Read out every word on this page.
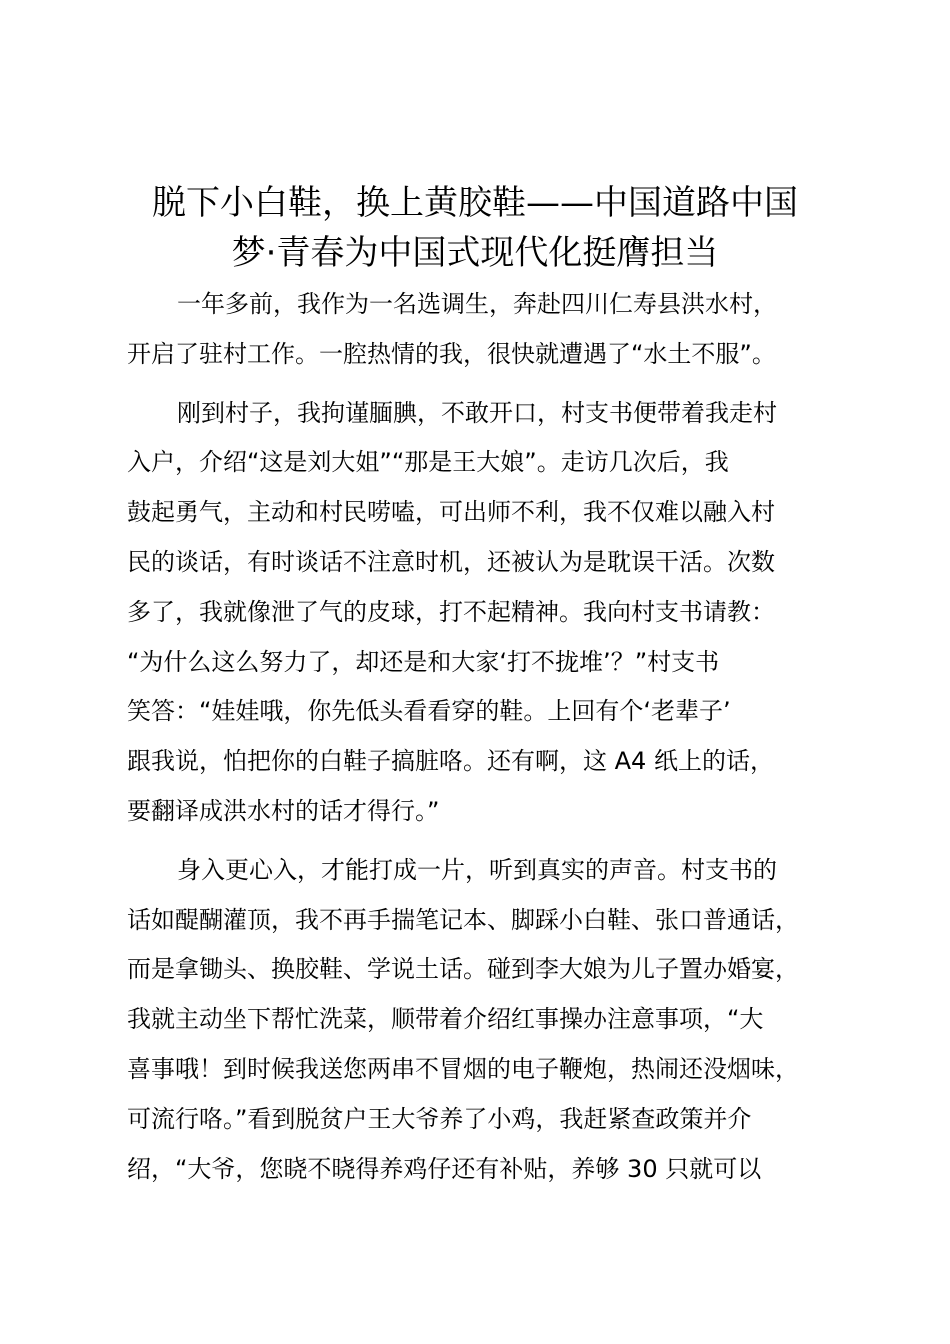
脱下小白鞋，换上黄胶鞋——中国道路中国
梦·青春为中国式现代化挺膺担当
一年多前，我作为一名选调生，奔赴四川仁寿县洪水村，
开启了驻村工作。一腔热情的我，很快就遭遇了“水土不服”。
刚到村子，我拘谨腼腆，不敢开口，村支书便带着我走村
入户，介绍“这是刘大姐”“那是王大娘”。走访几次后，我
鼓起勇气，主动和村民唠嗑，可出师不利，我不仅难以融入村
民的谈话，有时谈话不注意时机，还被认为是耽误干活。次数
多了，我就像泄了气的皮球，打不起精神。我向村支书请教：
“为什么这么努力了，却还是和大家‘打不拢堆’？”村支书
笑答：“娃娃哦，你先低头看看穿的鞋。上回有个‘老辈子’
跟我说，怕把你的白鞋子搞脏咯。还有啊，这 A4 纸上的话，
要翻译成洪水村的话才得行。”
身入更心入，才能打成一片，听到真实的声音。村支书的
话如醍醐灌顶，我不再手揣笔记本、脚踩小白鞋、张口普通话，
而是拿锄头、换胶鞋、学说土话。碰到李大娘为儿子置办婚宴，
我就主动坐下帮忙洗菜，顺带着介绍红事操办注意事项，“大
喜事哦！到时候我送您两串不冒烟的电子鞭炮，热闹还没烟味，
可流行咯。”看到脱贫户王大爷养了小鸡，我赶紧查政策并介
绍，“大爷，您晓不晓得养鸡仔还有补贴，养够 30 只就可以
